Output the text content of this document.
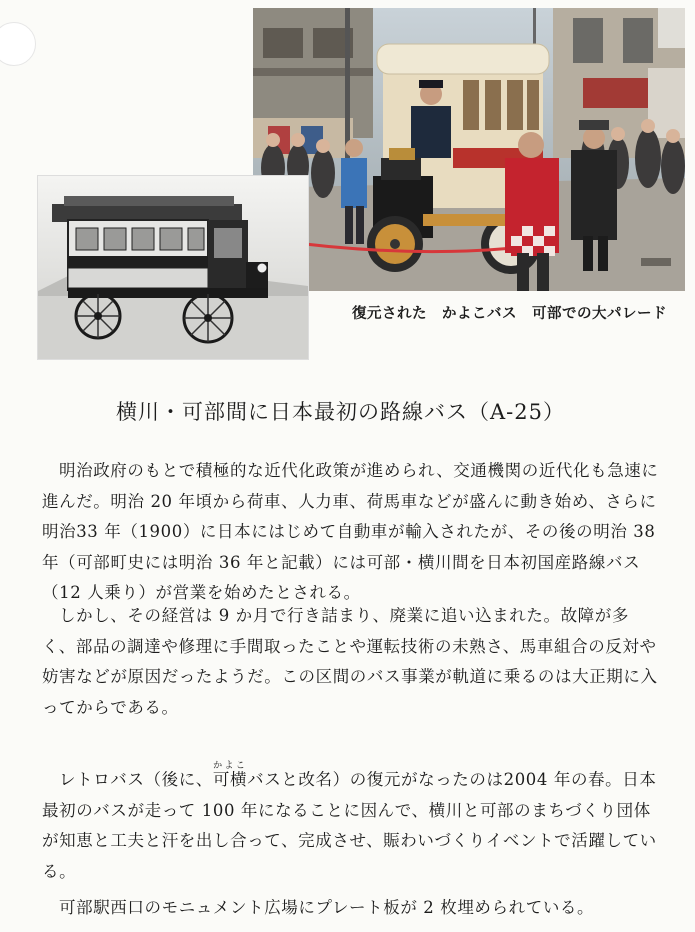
復元された　かよこバス　可部での大パレード
横川・可部間に日本最初の路線バス（A-25）

明治政府のもとで積極的な近代化政策が進められ、交通機関の近代化も急速に進んだ。明治 20 年頃から荷車、人力車、荷馬車などが盛んに動き始め、さらに明治33 年（1900）に日本にはじめて自動車が輸入されたが、その後の明治 38 年（可部町史には明治 36 年と記載）には可部・横川間を日本初国産路線バス（12 人乗り）が営業を始めたとされる。

しかし、その経営は 9 か月で行き詰まり、廃業に追い込まれた。故障が多く、部品の調達や修理に手間取ったことや運転技術の未熟さ、馬車組合の反対や妨害などが原因だったようだ。この区間のバス事業が軌道に乗るのは大正期に入ってからである。

レトロバス（後に、可横かよこバスと改名）の復元がなったのは2004 年の春。日本最初のバスが走って 100 年になることに因んで、横川と可部のまちづくり団体が知恵と工夫と汗を出し合って、完成させ、賑わいづくりイベントで活躍している。

可部駅西口のモニュメント広場にプレート板が 2 枚埋められている。
